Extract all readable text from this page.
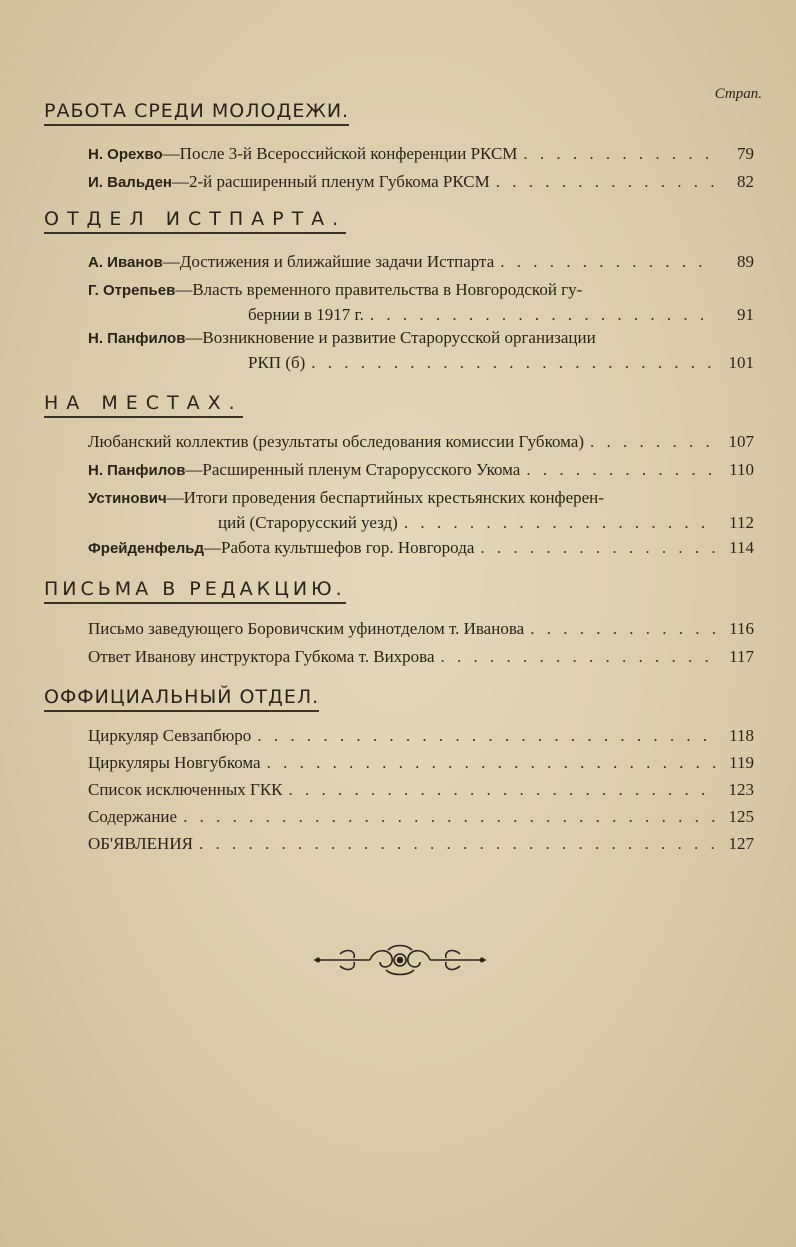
Страп.
РАБОТА СРЕДИ МОЛОДЕЖИ.
Н. Орехво —После 3-й Всероссийской конференции РКСМ . . .	79
И. Вальден —2-й расширенный пленум Губкома РКСМ . . .	82
ОТДЕЛ ИСТПАРТА.
А. Иванов —Достижения и ближайшие задачи Истпарта . . .	89
Г. Отрепьев —Власть временного правительства в Новгородской гу-
бернии в 1917 г. . . .	91
Н. Панфилов —Возникновение и развитие Старорусской организации
РКП (б) . . .	101
НА МЕСТАХ.
Любанский коллектив (результаты обследования комиссии Губкома) . . .	107
Н. Панфилов —Расширенный пленум Старорусского Укома . . .	110
Устинович —Итоги проведения беспартийных крестьянских конферен-
ций (Старорусский уезд) . . .	112
Фрейденфельд —Работа культшефов гор. Новгорода . . .	114
ПИСЬМА В РЕДАКЦИЮ.
Письмо заведующего Боровичским уфинотделом т. Иванова . . .	116
Ответ Иванову инструктора Губкома т. Вихрова . . .	117
ОФФИЦИАЛЬНЫЙ ОТДЕЛ.
Циркуляр Севзапбюро . . .	118
Циркуляры Новгубкома . . .	119
Список исключенных ГКК . . .	123
Содержание . . .	125
ОБ'ЯВЛЕНИЯ . . .	127
